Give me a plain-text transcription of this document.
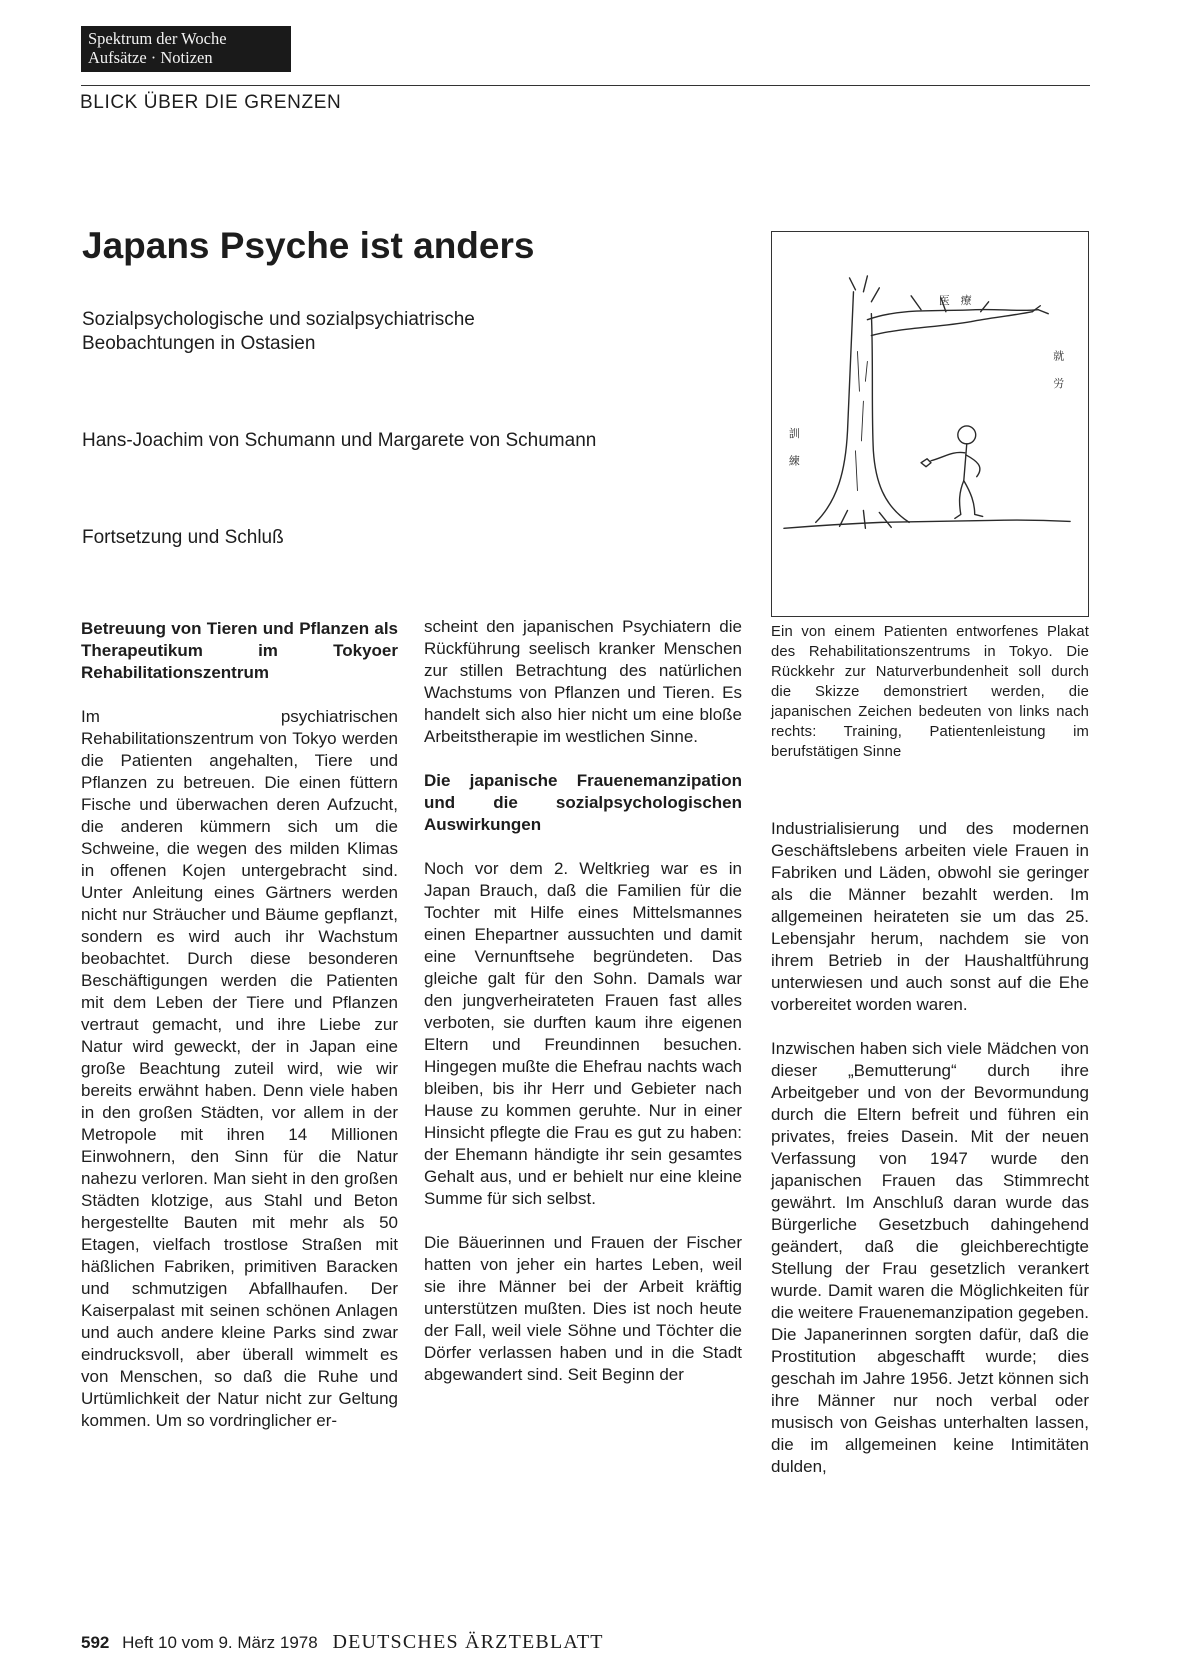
Spektrum der Woche
Aufsätze · Notizen
BLICK ÜBER DIE GRENZEN
Japans Psyche ist anders
Sozialpsychologische und sozialpsychiatrische
Beobachtungen in Ostasien
Hans-Joachim von Schumann und Margarete von Schumann
Fortsetzung und Schluß
医 療
就
労
訓
練
Ein von einem Patienten entworfenes Plakat des Rehabilitationszentrums in Tokyo. Die Rückkehr zur Naturverbundenheit soll durch die Skizze demonstriert werden, die japanischen Zeichen bedeuten von links nach rechts: Training, Patientenleistung im berufstätigen Sinne
Betreuung von Tieren und Pflanzen als Therapeutikum im Tokyoer Rehabilitationszentrum

Im psychiatrischen Rehabilitationszentrum von Tokyo werden die Patienten angehalten, Tiere und Pflanzen zu betreuen. Die einen füttern Fische und überwachen deren Aufzucht, die anderen kümmern sich um die Schweine, die wegen des milden Klimas in offenen Kojen untergebracht sind. Unter Anleitung eines Gärtners werden nicht nur Sträucher und Bäume gepflanzt, sondern es wird auch ihr Wachstum beobachtet. Durch diese besonderen Beschäftigungen werden die Patienten mit dem Leben der Tiere und Pflanzen vertraut gemacht, und ihre Liebe zur Natur wird geweckt, der in Japan eine große Beachtung zuteil wird, wie wir bereits erwähnt haben. Denn viele haben in den großen Städten, vor allem in der Metropole mit ihren 14 Millionen Einwohnern, den Sinn für die Natur nahezu verloren. Man sieht in den großen Städten klotzige, aus Stahl und Beton hergestellte Bauten mit mehr als 50 Etagen, vielfach trostlose Straßen mit häßlichen Fabriken, primitiven Baracken und schmutzigen Abfallhaufen. Der Kaiserpalast mit seinen schönen Anlagen und auch andere kleine Parks sind zwar eindrucksvoll, aber überall wimmelt es von Menschen, so daß die Ruhe und Urtümlichkeit der Natur nicht zur Geltung kommen. Um so vordringlicher er-

scheint den japanischen Psychiatern die Rückführung seelisch kranker Menschen zur stillen Betrachtung des natürlichen Wachstums von Pflanzen und Tieren. Es handelt sich also hier nicht um eine bloße Arbeitstherapie im westlichen Sinne.

Die japanische Frauenemanzipation und die sozialpsychologischen Auswirkungen

Noch vor dem 2. Weltkrieg war es in Japan Brauch, daß die Familien für die Tochter mit Hilfe eines Mittelsmannes einen Ehepartner aussuchten und damit eine Vernunftsehe begründeten. Das gleiche galt für den Sohn. Damals war den jungverheirateten Frauen fast alles verboten, sie durften kaum ihre eigenen Eltern und Freundinnen besuchen. Hingegen mußte die Ehefrau nachts wach bleiben, bis ihr Herr und Gebieter nach Hause zu kommen geruhte. Nur in einer Hinsicht pflegte die Frau es gut zu haben: der Ehemann händigte ihr sein gesamtes Gehalt aus, und er behielt nur eine kleine Summe für sich selbst.

Die Bäuerinnen und Frauen der Fischer hatten von jeher ein hartes Leben, weil sie ihre Männer bei der Arbeit kräftig unterstützen mußten. Dies ist noch heute der Fall, weil viele Söhne und Töchter die Dörfer verlassen haben und in die Stadt abgewandert sind. Seit Beginn der

Industrialisierung und des modernen Geschäftslebens arbeiten viele Frauen in Fabriken und Läden, obwohl sie geringer als die Männer bezahlt werden. Im allgemeinen heirateten sie um das 25. Lebensjahr herum, nachdem sie von ihrem Betrieb in der Haushaltführung unterwiesen und auch sonst auf die Ehe vorbereitet worden waren.

Inzwischen haben sich viele Mädchen von dieser „Bemutterung“ durch ihre Arbeitgeber und von der Bevormundung durch die Eltern befreit und führen ein privates, freies Dasein. Mit der neuen Verfassung von 1947 wurde den japanischen Frauen das Stimmrecht gewährt. Im Anschluß daran wurde das Bürgerliche Gesetzbuch dahingehend geändert, daß die gleichberechtigte Stellung der Frau gesetzlich verankert wurde. Damit waren die Möglichkeiten für die weitere Frauenemanzipation gegeben. Die Japanerinnen sorgten dafür, daß die Prostitution abgeschafft wurde; dies geschah im Jahre 1956. Jetzt können sich ihre Männer nur noch verbal oder musisch von Geishas unterhalten lassen, die im allgemeinen keine Intimitäten dulden,

592 Heft 10 vom 9. März 1978 DEUTSCHES ÄRZTEBLATT
